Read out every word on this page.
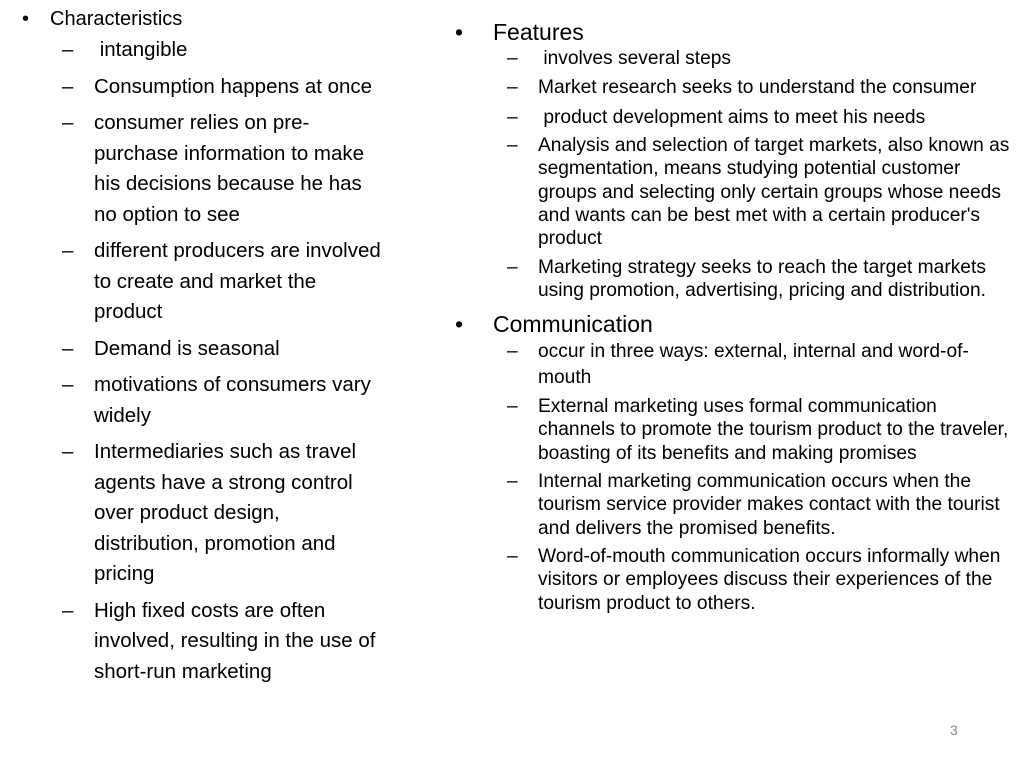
• Characteristics
– intangible
– Consumption happens at once
– consumer relies on pre-purchase information to make his decisions because he has no option to see
– different producers are involved to create and market the product
– Demand is seasonal
– motivations of consumers vary widely
– Intermediaries such as travel agents have a strong control over product design, distribution, promotion and pricing
– High fixed costs are often involved, resulting in the use of short-run marketing
• Features
– involves several steps
– Market research seeks to understand the consumer
– product development aims to meet his needs
– Analysis and selection of target markets, also known as segmentation, means studying potential customer groups and selecting only certain groups whose needs and wants can be best met with a certain producer's product
– Marketing strategy seeks to reach the target markets using promotion, advertising, pricing and distribution.
• Communication
– occur in three ways: external, internal and word-of-mouth
– External marketing uses formal communication channels to promote the tourism product to the traveler, boasting of its benefits and making promises
– Internal marketing communication occurs when the tourism service provider makes contact with the tourist and delivers the promised benefits.
– Word-of-mouth communication occurs informally when visitors or employees discuss their experiences of the tourism product to others.
3
